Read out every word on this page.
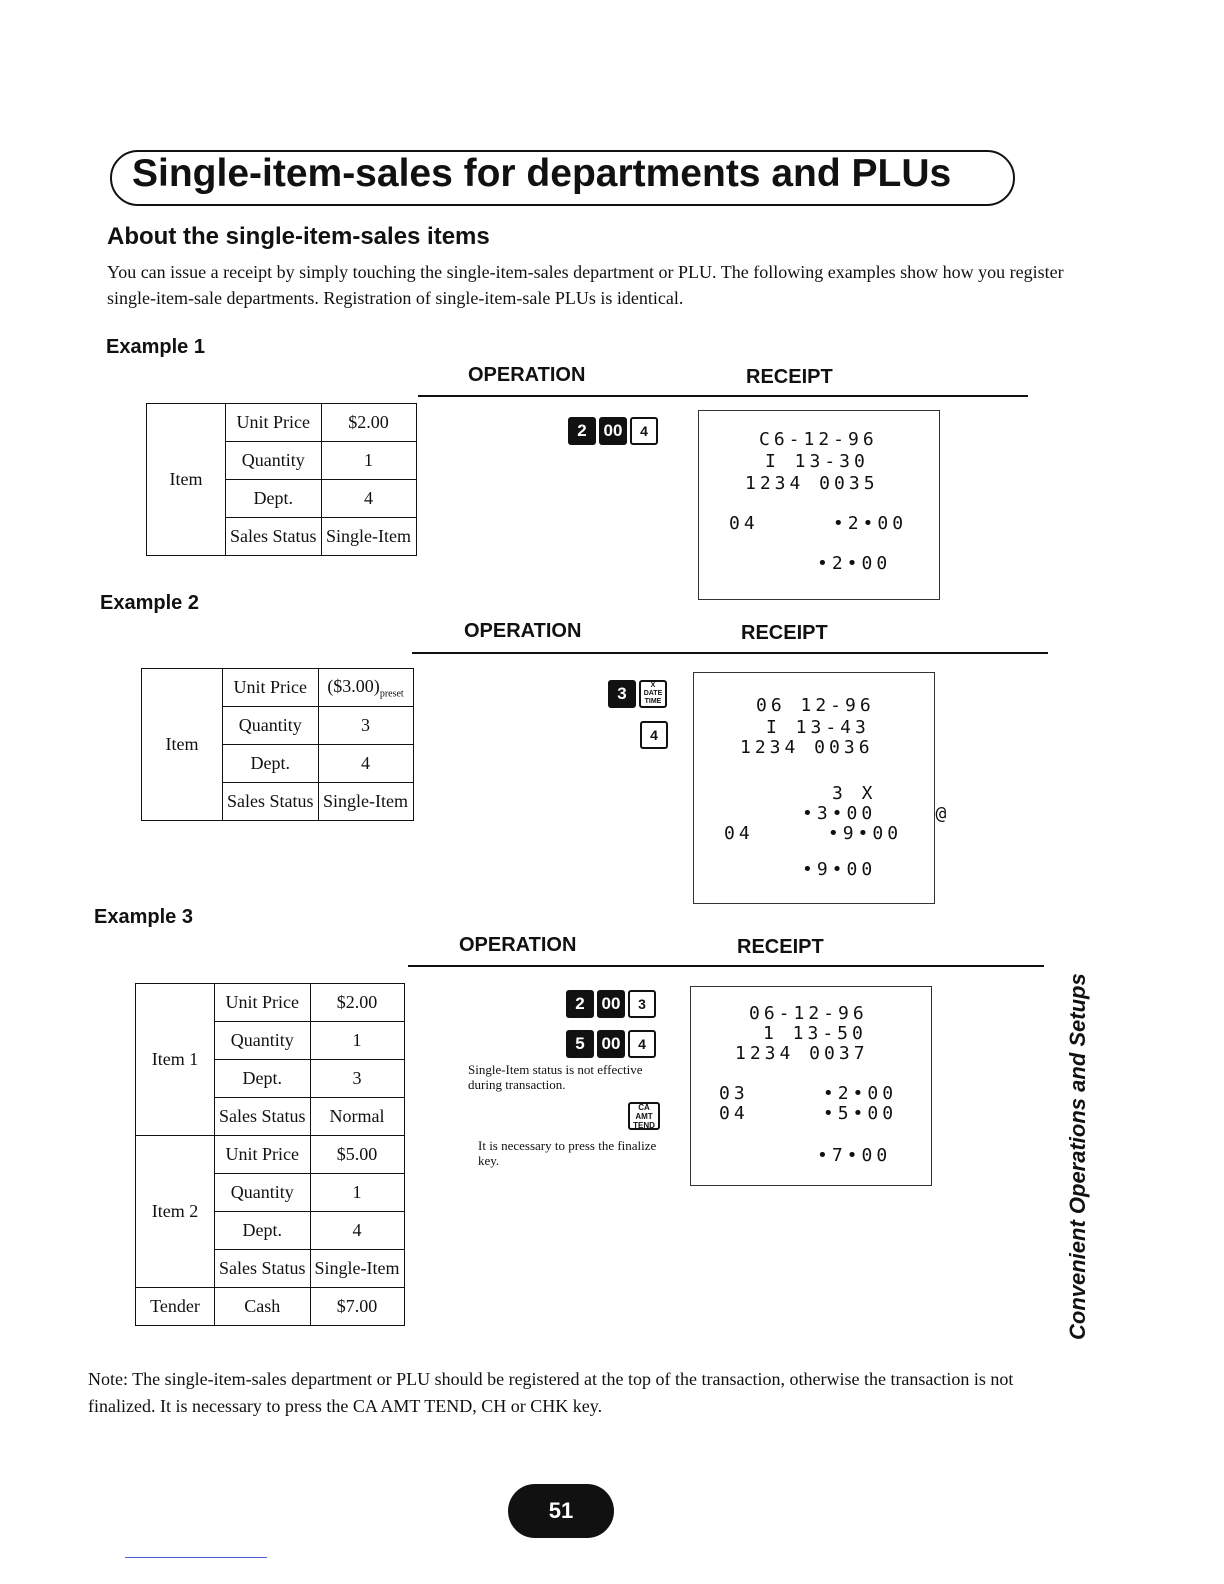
Single-item-sales for departments and PLUs
About the single-item-sales items
You can issue a receipt by simply touching the single-item-sales department or PLU. The following examples show how you register single-item-sale departments. Registration of single-item-sale PLUs is identical.
Example 1
OPERATION	RECEIPT
Item	Unit Price	$2.00
	Quantity	1
	Dept.	4
	Sales Status	Single-Item
2 00	4	C6-12-96
I 13-30
1234 0035
04     •2•00
•2•00
Example 2
OPERATION	RECEIPT
Item	Unit Price	$(\$3.00)_{preset}$
	Quantity	3
	Dept.	4
	Sales Status	Single-Item
3	X DATE TIME
4
06 12-96
I 13-43
1234 0036
3 X
•3•00    @
04     •9•00
•9•00
Example 3
OPERATION	RECEIPT
Item 1	Unit Price	$2.00
	Quantity	1
	Dept.	3
	Sales Status	Normal
Item 2	Unit Price	$5.00
	Quantity	1
	Dept.	4
	Sales Status	Single-Item
Tender	Cash	$7.00
2 00	3
5 00	4
Single-Item status is not effective during transaction.
CA AMT TEND
It is necessary to press the finalize key.
06-12-96
1 13-50
1234 0037
03     •2•00
04     •5•00
•7•00	Convenient Operations and Setups
Note: The single-item-sales department or PLU should be registered at the top of the transaction, otherwise the transaction is not finalized. It is necessary to press the CA AMT TEND, CH or CHK key.
51
